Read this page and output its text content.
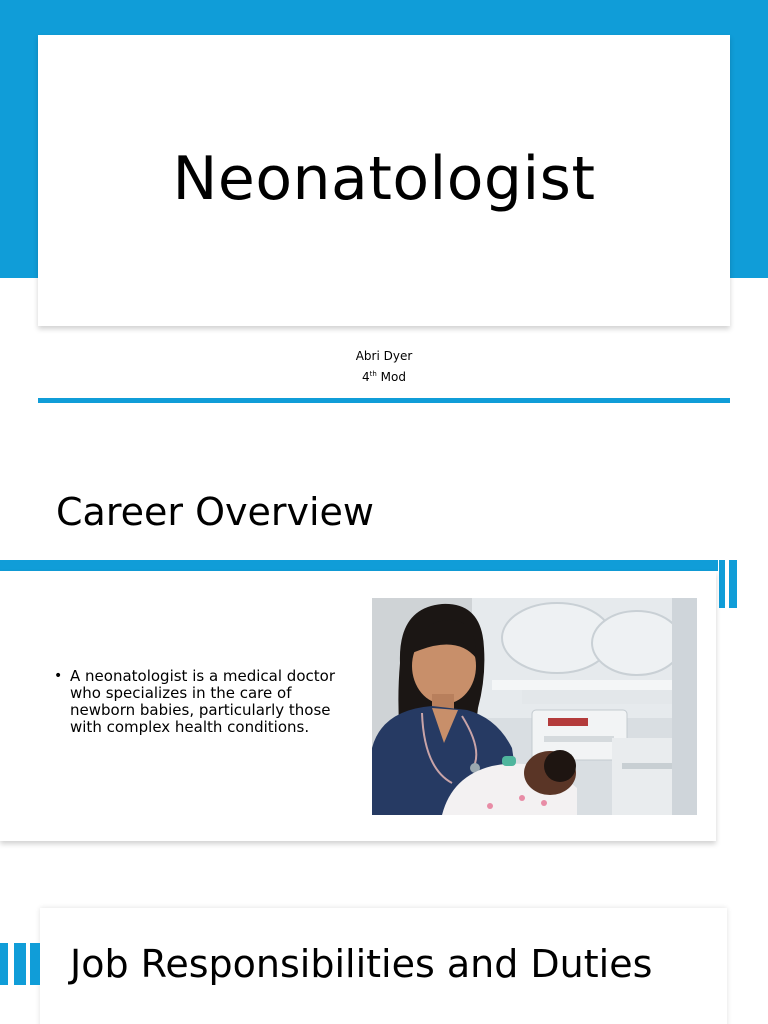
Neonatologist
Abri Dyer
4th Mod
Career Overview
• A neonatologist is a medical doctor who specializes in the care of newborn babies, particularly those with complex health conditions.
Job Responsibilities and Duties
